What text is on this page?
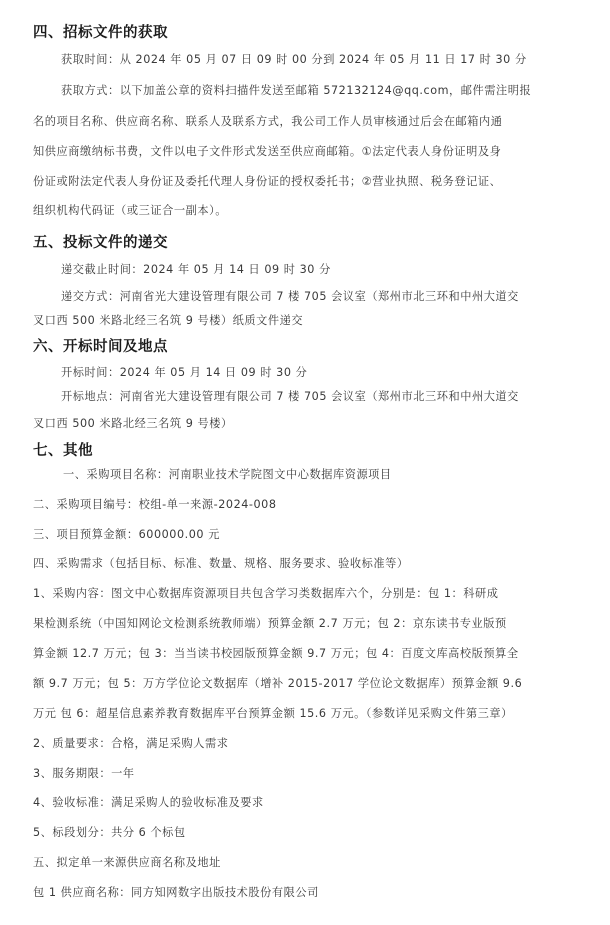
四、招标文件的获取
获取时间：从 2024 年 05 月 07 日 09 时 00 分到 2024 年 05 月 11 日 17 时 30 分
获取方式：以下加盖公章的资料扫描件发送至邮箱 572132124@qq.com，邮件需注明报
名的项目名称、供应商名称、联系人及联系方式，我公司工作人员审核通过后会在邮箱内通
知供应商缴纳标书费，文件以电子文件形式发送至供应商邮箱。①法定代表人身份证明及身
份证或附法定代表人身份证及委托代理人身份证的授权委托书；②营业执照、税务登记证、
组织机构代码证（或三证合一副本）。
五、投标文件的递交
递交截止时间：2024 年 05 月 14 日 09 时 30 分
递交方式：河南省光大建设管理有限公司 7 楼 705 会议室（郑州市北三环和中州大道交
叉口西 500 米路北经三名筑 9 号楼）纸质文件递交
六、开标时间及地点
开标时间：2024 年 05 月 14 日 09 时 30 分
开标地点：河南省光大建设管理有限公司 7 楼 705 会议室（郑州市北三环和中州大道交
叉口西 500 米路北经三名筑 9 号楼）
七、其他
一、采购项目名称：河南职业技术学院图文中心数据库资源项目
二、采购项目编号：校组-单一来源-2024-008
三、项目预算金额：600000.00 元
四、采购需求（包括目标、标准、数量、规格、服务要求、验收标准等）
1、采购内容：图文中心数据库资源项目共包含学习类数据库六个，分别是：包 1：科研成
果检测系统（中国知网论文检测系统教师端）预算金额 2.7 万元；包 2：京东读书专业版预
算金额 12.7 万元；包 3：当当读书校园版预算金额 9.7 万元；包 4：百度文库高校版预算全
额 9.7 万元；包 5：万方学位论文数据库（增补 2015-2017 学位论文数据库）预算金额 9.6
万元 包 6：超星信息素养教育数据库平台预算金额 15.6 万元。（参数详见采购文件第三章）
2、质量要求：合格，满足采购人需求
3、服务期限：一年
4、验收标准：满足采购人的验收标准及要求
5、标段划分：共分 6 个标包
五、拟定单一来源供应商名称及地址
包 1 供应商名称：同方知网数字出版技术股份有限公司
